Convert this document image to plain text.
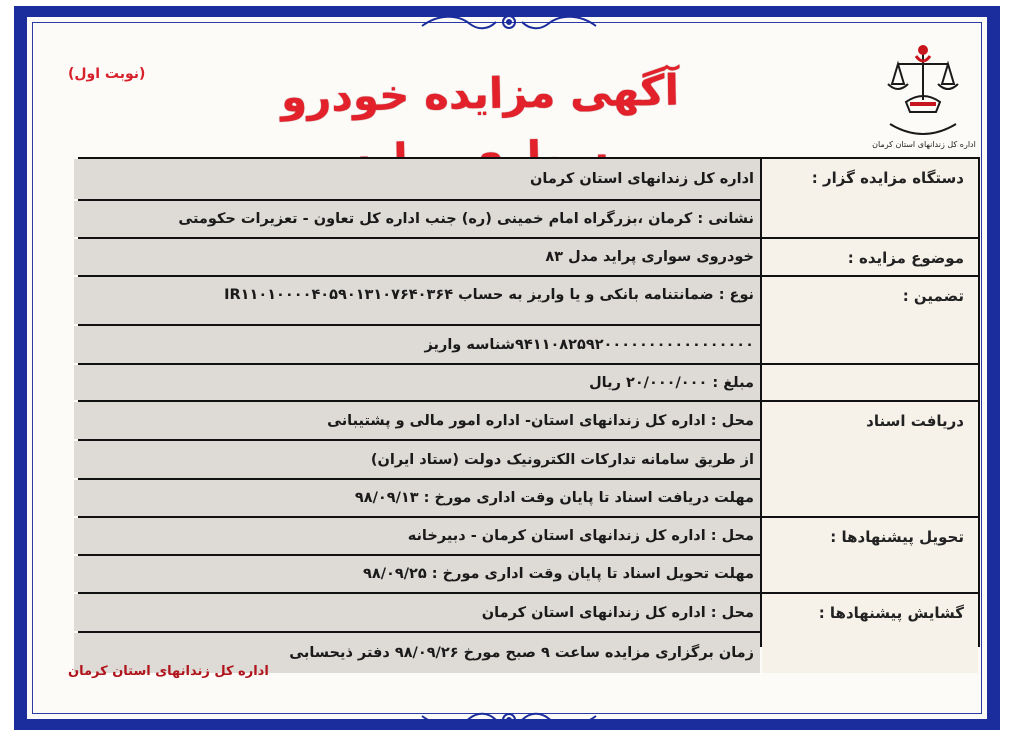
(نوبت اول)	آگهی مزایده خودرو
اداره کل زندانهای استان کرمان
دستگاه مزایده گزار :
اداره کل زندانهای استان کرمان
نشانی : کرمان ،بزرگراه امام خمینی (ره) جنب اداره کل تعاون - تعزیرات حکومتی
موضوع مزایده :
خودروی سواری پراید مدل ۸۳
تضمین :
نوع : ضمانتنامه بانکی و یا واریز به حساب IR۱۱۰۱۰۰۰۰۴۰۵۹۰۱۳۱۰۷۶۴۰۳۶۴
۹۴۱۱۰۸۲۵۹۲۰۰۰۰۰۰۰۰۰۰۰۰۰۰۰۰۰شناسه واریز
مبلغ : ۲۰/۰۰۰/۰۰۰ ریال
دریافت اسناد
محل : اداره کل زندانهای استان- اداره امور مالی و پشتیبانی
از طریق سامانه تدارکات الکترونیک دولت (ستاد ایران)
مهلت دریافت اسناد تا پایان وقت اداری مورخ : ۹۸/۰۹/۱۳
تحویل پیشنهادها :
محل : اداره کل زندانهای استان کرمان - دبیرخانه
مهلت تحویل اسناد تا پایان وقت اداری مورخ : ۹۸/۰۹/۲۵
گشایش پیشنهادها :
محل : اداره کل زندانهای استان کرمان
زمان برگزاری مزایده ساعت ۹ صبح مورخ ۹۸/۰۹/۲۶ دفتر ذیحسابی
اداره کل زندانهای استان کرمان
